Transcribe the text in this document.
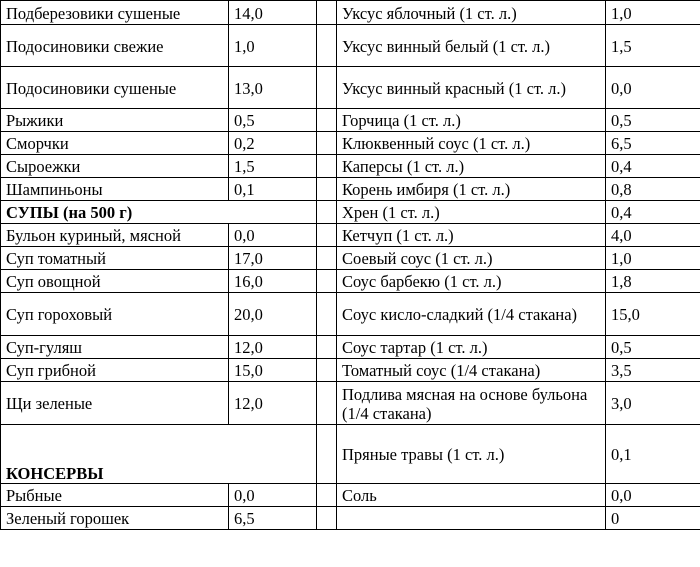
Подберезовики сушеные	14,0		Уксус яблочный (1 ст. л.)	1,0
Подосиновики свежие	1,0		Уксус винный белый (1 ст. л.)	1,5
Подосиновики сушеные	13,0		Уксус винный красный (1 ст. л.)	0,0
Рыжики	0,5		Горчица (1 ст. л.)	0,5
Сморчки	0,2		Клюквенный соус (1 ст. л.)	6,5
Сыроежки	1,5		Каперсы (1 ст. л.)	0,4
Шампиньоны	0,1		Корень имбиря (1 ст. л.)	0,8
СУПЫ (на 500 г)			Хрен (1 ст. л.)	0,4
Бульон куриный, мясной	0,0		Кетчуп (1 ст. л.)	4,0
Суп томатный	17,0		Соевый соус (1 ст. л.)	1,0
Суп овощной	16,0		Соус барбекю (1 ст. л.)	1,8
Суп гороховый	20,0		Соус кисло-сладкий (1/4 стакана)	15,0
Суп-гуляш	12,0		Соус тартар (1 ст. л.)	0,5
Суп грибной	15,0		Томатный соус (1/4 стакана)	3,5
Щи зеленые	12,0		Подлива мясная на основе бульона (1/4 стакана)	3,0
КОНСЕРВЫ			Пряные травы (1 ст. л.)	0,1
Рыбные	0,0		Соль	0,0
Зеленый горошек	6,5			0
